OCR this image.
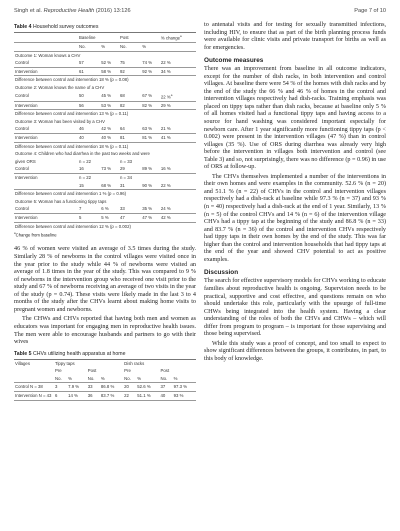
Singh et al. Reproductive Health (2016) 13:126	Page 7 of 10
Table 4 Household survey outcomes
	Baseline		Post		% change$^a$
	No.	%	No.	%	
Outcome 1: Woman knows a CHV					
Control	57	52 %	75	74 %	22 %
Intervention	61	58 %	92	92 %	34 %
Difference between control and intervention 18 % (p = 0.08)					
Outcome 2: Woman knows the name of a CHV					
Control	50	45 %	68	67 %	22 %$^a$
Intervention	56	53 %	82	82 %	29 %
Difference between control and intervention 13 % (p = 0.11)					
Outcome 3: Woman has been visited by a CHV					
Control	46	42 %	64	63 %	21 %
Intervention	40	40 %	81	81 %	41 %
Difference between control and intervention 18 % (p = 0.11)					
Outcome 4: Children who had diarrhea in the past two weeks and were					
given ORS	n = 22		n = 33		
Control	16	73 %	29	89 %	16 %
Intervention	n = 22		n = 34		
	15	68 %	31	90 %	22 %
Difference between control and intervention 1 % (p = 0.96)					
Outcome 5: Woman has a functioning tippy taps					
Control	7	6 %	33	35 %	24 %
Intervention	5	5 %	47	47 %	42 %
Difference between control and intervention 12 % (p = 0.002)					
$^a$Change from baseline

46 % of women were visited an average of 3.5 times during the study. Similarly 28 % of newborns in the control villages were visited once in the year prior to the study while 44 % of newborns were visited an average of 1.8 times in the year of the study. This was compared to 9 % of newborns in the intervention group who received one visit prior to the study and 67 % of newborns receiving an average of two visits in the year of the study (p = 0.74). These visits were likely made in the last 3 to 4 months of the study after the CHVs learnt about making home visits to pregnant women and newborns.

The CHWs and CHVs reported that having both men and women as educators was important for engaging men in reproductive health issues. The men were able to encourage husbands and partners to go with their wives

Table 5 CHVs utilizing health apparatus at home
Villages	Tippy taps				Dish racks			
	Pre		Post		Pre		Post	
	No.	%	No.	%	No.	%	No.	%
Control N = 38	3	7.9 %	33	86.8 %	20	52.6 %	37	97.3 %
Intervention N = 43	6	14 %	36	83.7 %	22	51.1 %	40	93 %

to antenatal visits and for testing for sexually transmitted infections, including HIV, to ensure that as part of the birth planning process funds were available for clinic visits and private transport for births as well as for emergencies.

Outcome measures

There was an improvement from baseline in all outcome indicators, except for the number of dish racks, in both intervention and control villages. At baseline there were 54 % of the homes with dish racks and by the end of the study the 66 % and 46 % of homes in the control and intervention villages respectively had dish-racks. Training emphasis was placed on tippy taps rather than dish racks, because at baseline only 5 % of all homes visited had a functional tippy taps and having access to a source for hand washing was considered important especially for newborn care. After 1 year significantly more functioning tippy taps (p < 0.002) were present in the intervention villages (47 %) than in control villages (35 %). Use of ORS during diarrhea was already very high before the intervention in villages both intervention and control (see Table 3) and so, not surprisingly, there was no difference (p = 0.96) in use of ORS at follow-up.

The CHVs themselves implemented a number of the interventions in their own homes and were examples in the community. 52.6 % (n = 20) and 51.1 % (n = 22) of CHVs in the control and intervention villages respectively had a dish-rack at baseline while 97.3 % (n = 37) and 93 % (n = 40) respectively had a dish-rack at the end of 1 year. Similarly, 13 % (n = 5) of the control CHVs and 14 % (n = 6) of the intervention village CHVs had a tippy tap at the beginning of the study and 86.8 % (n = 33) and 83.7 % (n = 36) of the control and intervention CHVs respectively had tippy taps in their own homes by the end of the study. This was far higher than the control and intervention households that had tippy taps at the end of the year and showed CHV potential to act as positive examples.

Discussion

The search for effective supervisory models for CHVs working to educate families about reproductive health is ongoing. Supervision needs to be practical, supportive and cost effective, and questions remain on who should undertake this role, particularly with the upsurge of full-time CHWs being integrated into the health system. Having a clear understanding of the roles of both the CHVs and CHWs – which will differ from program to program – is important for those supervising and those being supervised.

While this study was a proof of concept, and too small to expect to show significant differences between the groups, it contributes, in part, to this body of knowledge.
